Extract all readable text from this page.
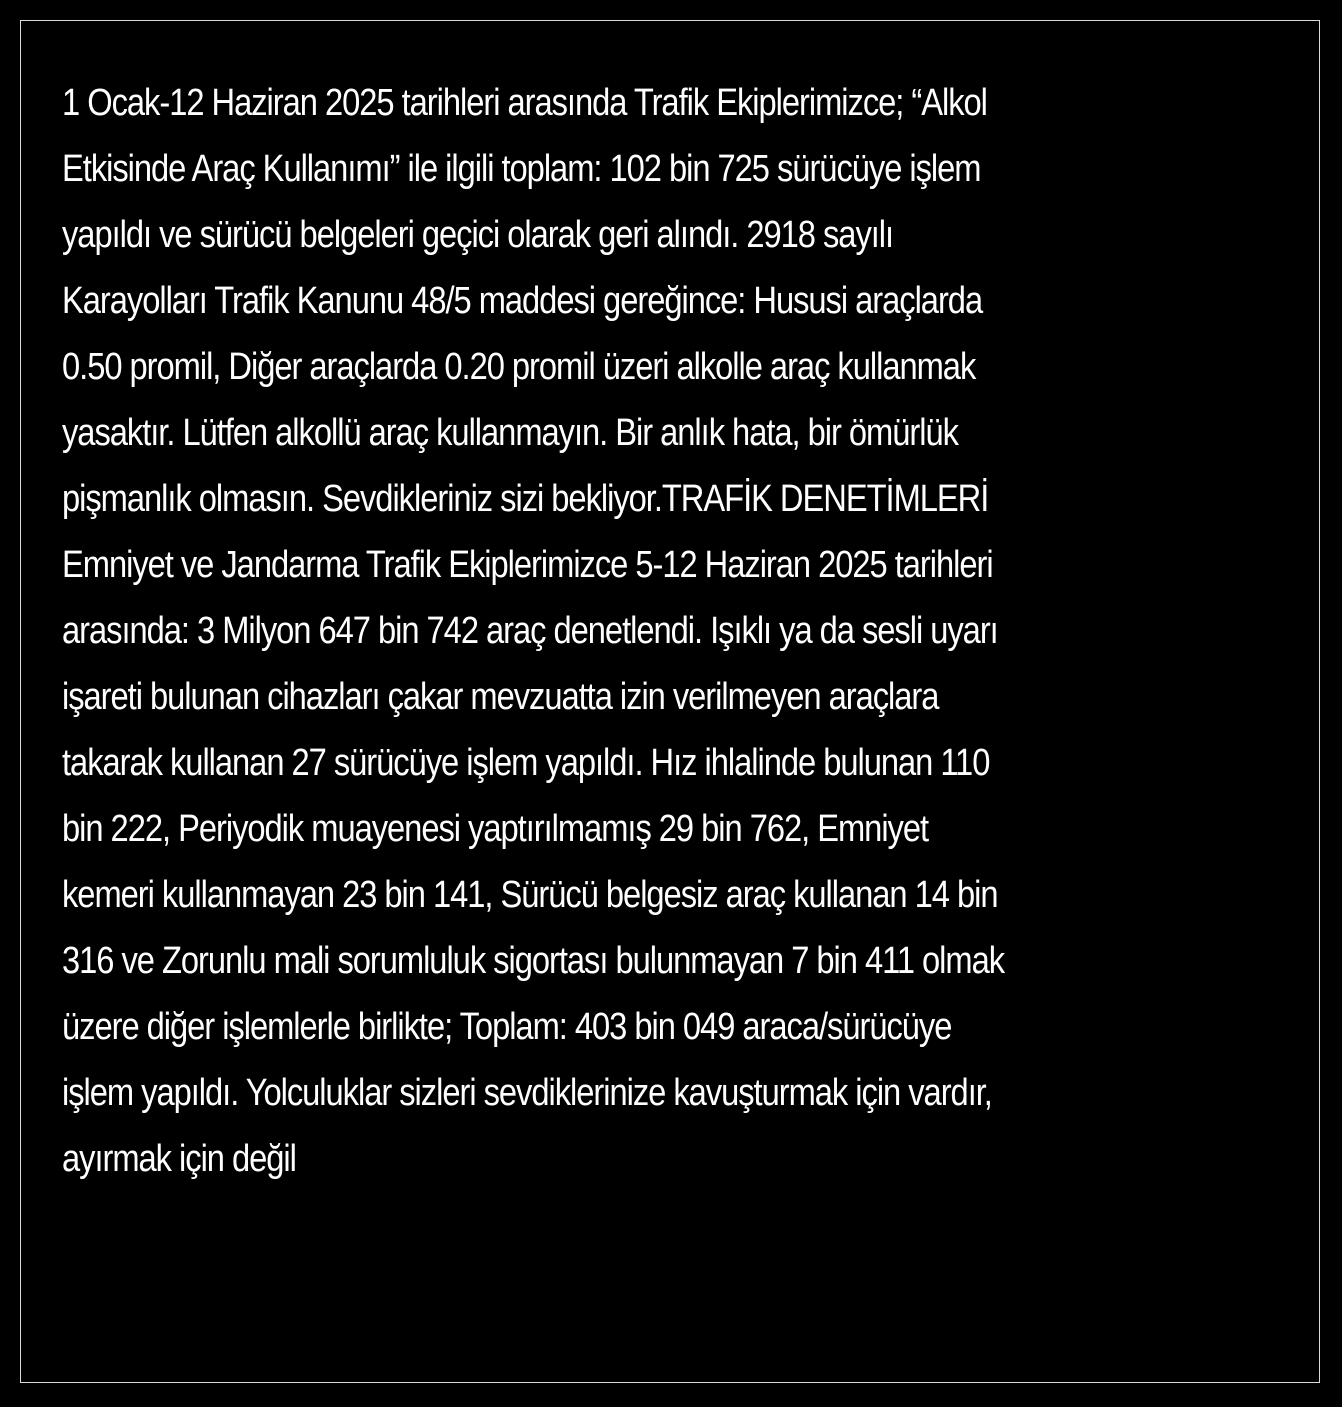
1 Ocak-12 Haziran 2025 tarihleri arasında Trafik Ekiplerimizce; “Alkol
Etkisinde Araç Kullanımı” ile ilgili toplam: 102 bin 725 sürücüye işlem
yapıldı ve sürücü belgeleri geçici olarak geri alındı. 2918 sayılı
Karayolları Trafik Kanunu 48/5 maddesi gereğince: Hususi araçlarda
0.50 promil, Diğer araçlarda 0.20 promil üzeri alkolle araç kullanmak
yasaktır. Lütfen alkollü araç kullanmayın. Bir anlık hata, bir ömürlük
pişmanlık olmasın. Sevdikleriniz sizi bekliyor.TRAFİK DENETİMLERİ
Emniyet ve Jandarma Trafik Ekiplerimizce 5-12 Haziran 2025 tarihleri
arasında: 3 Milyon 647 bin 742 araç denetlendi. Işıklı ya da sesli uyarı
işareti bulunan cihazları çakar mevzuatta izin verilmeyen araçlara
takarak kullanan 27 sürücüye işlem yapıldı. Hız ihlalinde bulunan 110
bin 222, Periyodik muayenesi yaptırılmamış 29 bin 762, Emniyet
kemeri kullanmayan 23 bin 141, Sürücü belgesiz araç kullanan 14 bin
316 ve Zorunlu mali sorumluluk sigortası bulunmayan 7 bin 411 olmak
üzere diğer işlemlerle birlikte; Toplam: 403 bin 049 araca/sürücüye
işlem yapıldı. Yolculuklar sizleri sevdiklerinize kavuşturmak için vardır,
ayırmak için değil
